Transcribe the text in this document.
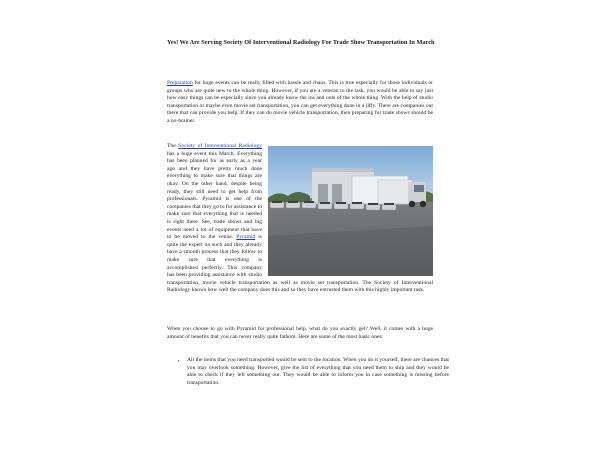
Yes! We Are Serving Society Of Interventional Radiology For Trade Show Transportation In March

Preparation for huge events can be really filled with hassle and chaos. This is true especially for those individuals or groups who are quite new to the whole thing. However, if you are a veteran to the task, you would be able to say just how easy things can be especially since you already know the ins and outs of the whole thing. With the help of studio transportation or maybe even movie set transportation, you can get everything done in a jiffy. There are companies out there that can provide you help. If they can do movie vehicle transportation, then preparing for trade shows should be a no-brainer.

The Society of Interventional Radiology has a huge event this March. Everything has been planned for as early as a year ago and they have pretty much done everything to make sure that things are okay. On the other hand, despite being ready, they still need to get help from professionals. Pyramid is one of the companies that they go to for assistance to make sure that everything that is needed is right there. See, trade shows and big events need a lot of equipment that have to be moved to the venue. Pyramid is quite the expert on such and they already have a smooth process that they follow to make sure that everything is accomplished perfectly. This company has been providing assistance with studio transportation, movie vehicle transportation as well as movie set transportation. The Society of Interventional Radiology knows how well the company does this and so they have entrusted them with this highly important task.

When you choose to go with Pyramid for professional help, what do you exactly get? Well, it comes with a huge amount of benefits that you can never really quite fathom. Here are some of the most basic ones:

• All the items that you need transported would be sent to the location. When you do it yourself, there are chances that you may overlook something. However, give the list of everything that you need them to ship and they would be able to check if they left something out. They would be able to inform you in case something is missing before transportation.
